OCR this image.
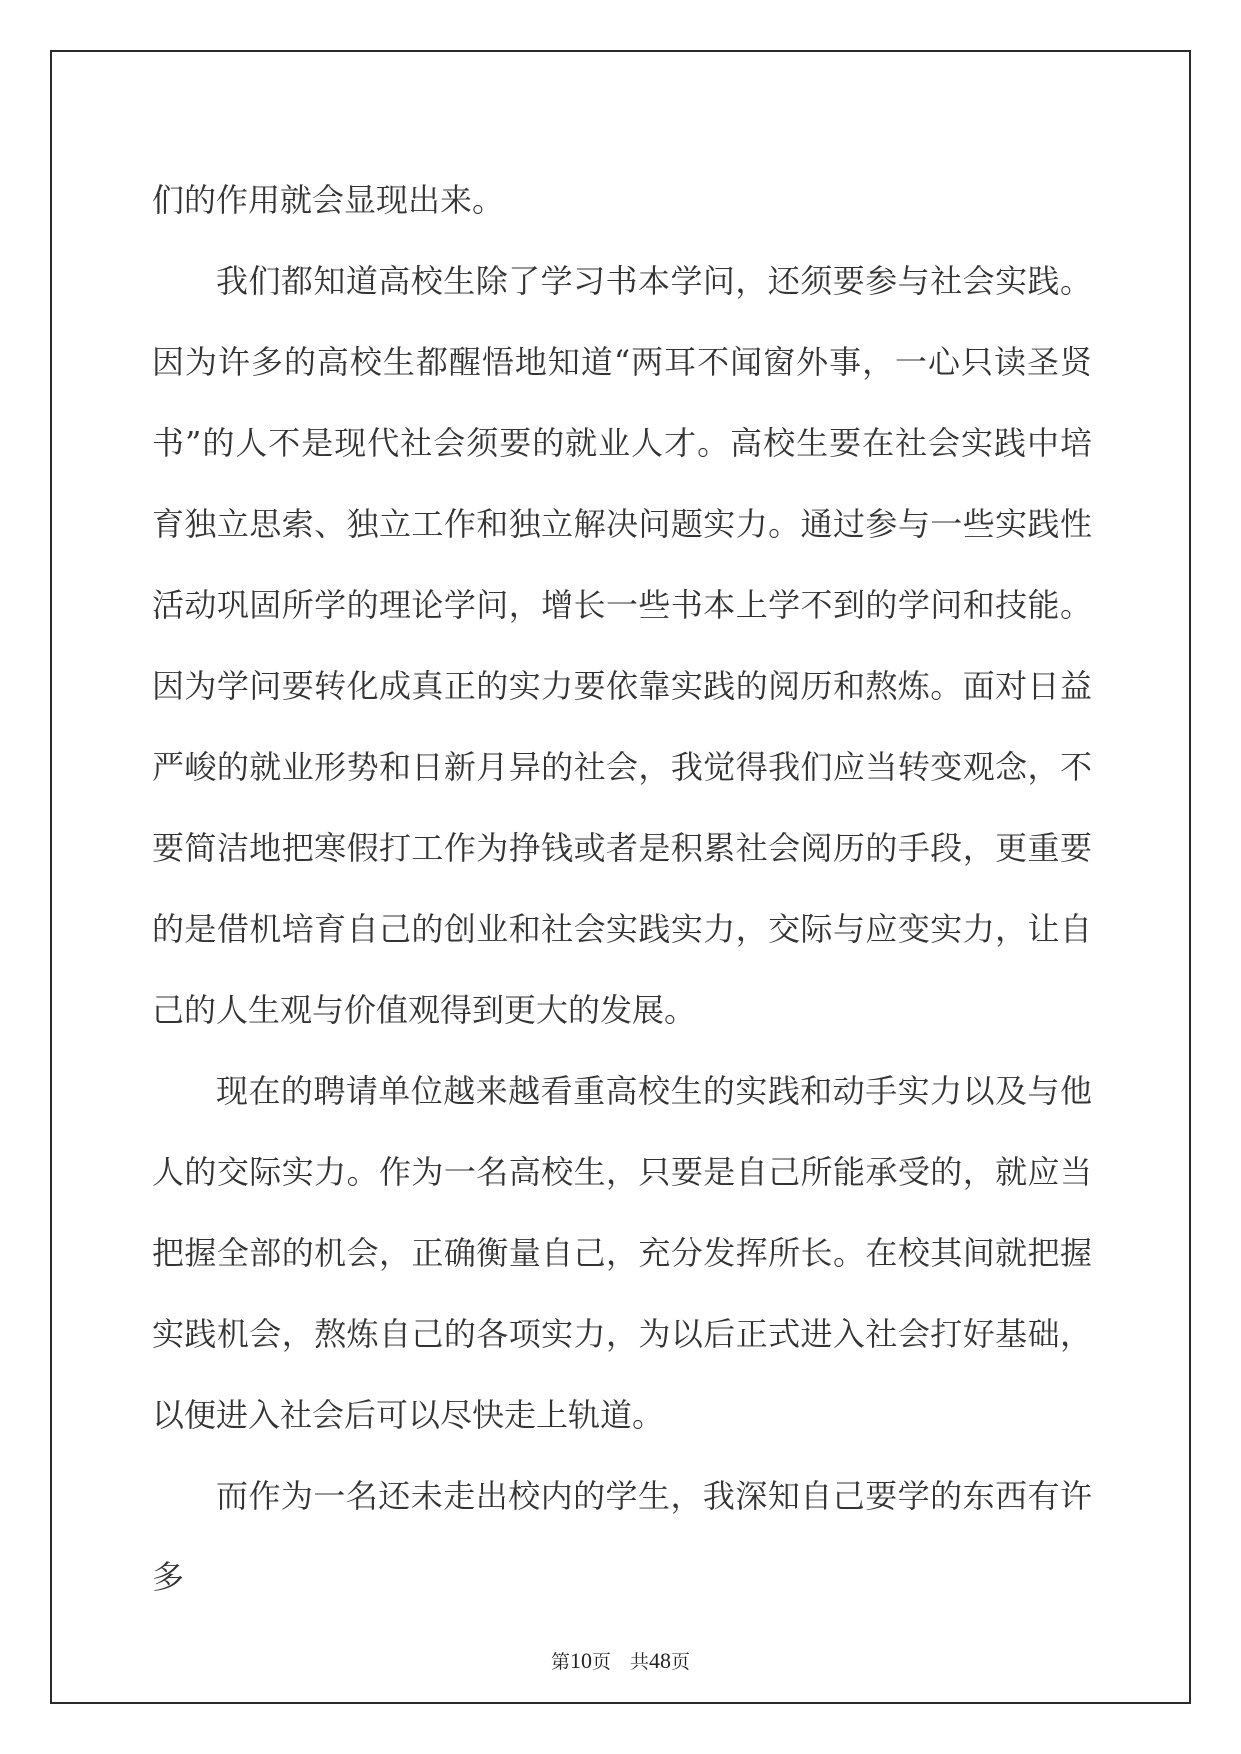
们的作用就会显现出来。

我们都知道高校生除了学习书本学问，还须要参与社会实践。因为许多的高校生都醒悟地知道“两耳不闻窗外事，一心只读圣贤书”的人不是现代社会须要的就业人才。高校生要在社会实践中培育独立思索、独立工作和独立解决问题实力。通过参与一些实践性活动巩固所学的理论学问，增长一些书本上学不到的学问和技能。因为学问要转化成真正的实力要依靠实践的阅历和熬炼。面对日益严峻的就业形势和日新月异的社会，我觉得我们应当转变观念，不要简洁地把寒假打工作为挣钱或者是积累社会阅历的手段，更重要的是借机培育自己的创业和社会实践实力，交际与应变实力，让自己的人生观与价值观得到更大的发展。

现在的聘请单位越来越看重高校生的实践和动手实力以及与他人的交际实力。作为一名高校生，只要是自己所能承受的，就应当把握全部的机会，正确衡量自己，充分发挥所长。在校其间就把握实践机会，熬炼自己的各项实力，为以后正式进入社会打好基础，以便进入社会后可以尽快走上轨道。

而作为一名还未走出校内的学生，我深知自己要学的东西有许多

第10页　共48页
